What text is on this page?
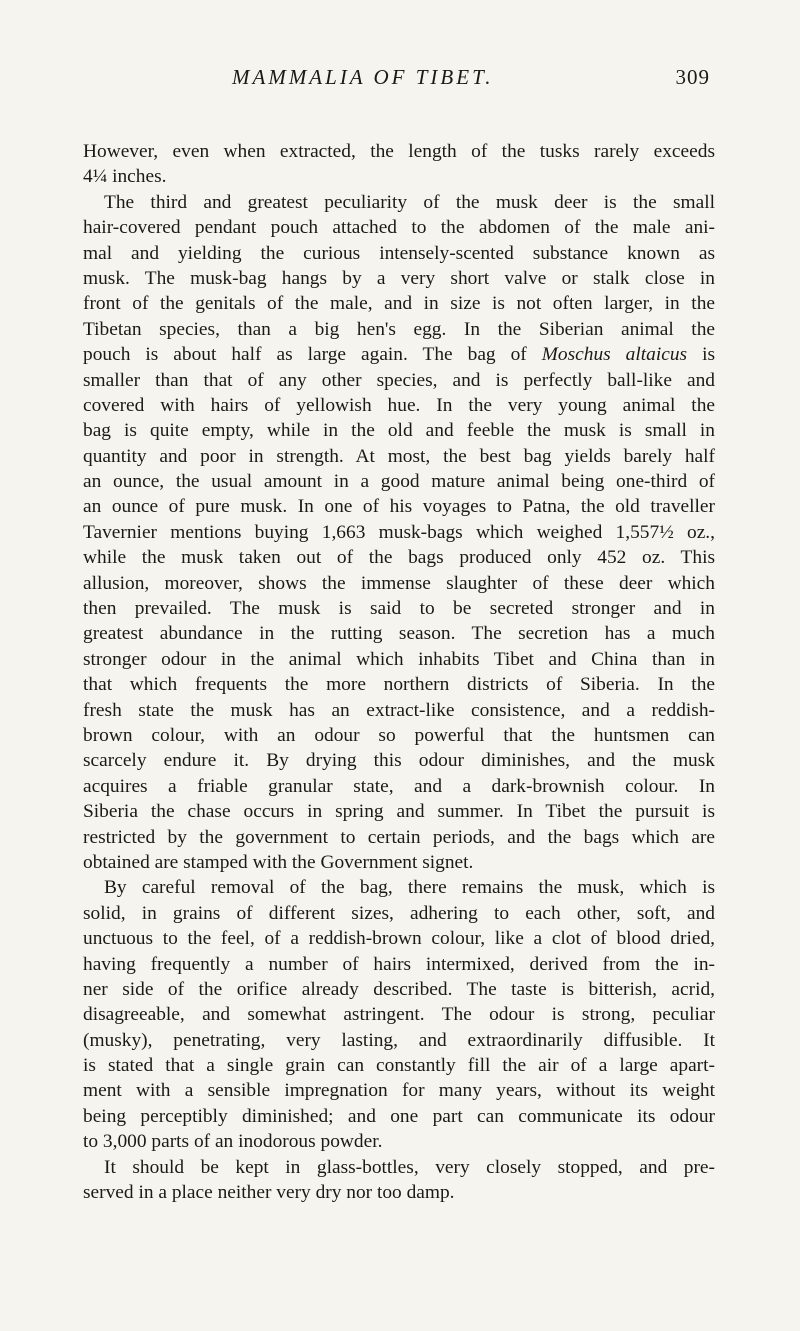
MAMMALIA OF TIBET.	309
However, even when extracted, the length of the tusks rarely exceeds
4¼ inches.
The third and greatest peculiarity of the musk deer is the small
hair-covered pendant pouch attached to the abdomen of the male ani-
mal and yielding the curious intensely-scented substance known as
musk. The musk-bag hangs by a very short valve or stalk close in
front of the genitals of the male, and in size is not often larger, in the
Tibetan species, than a big hen's egg. In the Siberian animal the
pouch is about half as large again. The bag of Moschus altaicus is
smaller than that of any other species, and is perfectly ball-like and
covered with hairs of yellowish hue. In the very young animal the
bag is quite empty, while in the old and feeble the musk is small in
quantity and poor in strength. At most, the best bag yields barely half
an ounce, the usual amount in a good mature animal being one-third of
an ounce of pure musk. In one of his voyages to Patna, the old traveller
Tavernier mentions buying 1,663 musk-bags which weighed 1,557½ oz.,
while the musk taken out of the bags produced only 452 oz. This
allusion, moreover, shows the immense slaughter of these deer which
then prevailed. The musk is said to be secreted stronger and in
greatest abundance in the rutting season. The secretion has a much
stronger odour in the animal which inhabits Tibet and China than in
that which frequents the more northern districts of Siberia. In the
fresh state the musk has an extract-like consistence, and a reddish-
brown colour, with an odour so powerful that the huntsmen can
scarcely endure it. By drying this odour diminishes, and the musk
acquires a friable granular state, and a dark-brownish colour. In
Siberia the chase occurs in spring and summer. In Tibet the pursuit is
restricted by the government to certain periods, and the bags which are
obtained are stamped with the Government signet.
By careful removal of the bag, there remains the musk, which is
solid, in grains of different sizes, adhering to each other, soft, and
unctuous to the feel, of a reddish-brown colour, like a clot of blood dried,
having frequently a number of hairs intermixed, derived from the in-
ner side of the orifice already described. The taste is bitterish, acrid,
disagreeable, and somewhat astringent. The odour is strong, peculiar
(musky), penetrating, very lasting, and extraordinarily diffusible. It
is stated that a single grain can constantly fill the air of a large apart-
ment with a sensible impregnation for many years, without its weight
being perceptibly diminished; and one part can communicate its odour
to 3,000 parts of an inodorous powder.
It should be kept in glass-bottles, very closely stopped, and pre-
served in a place neither very dry nor too damp.
